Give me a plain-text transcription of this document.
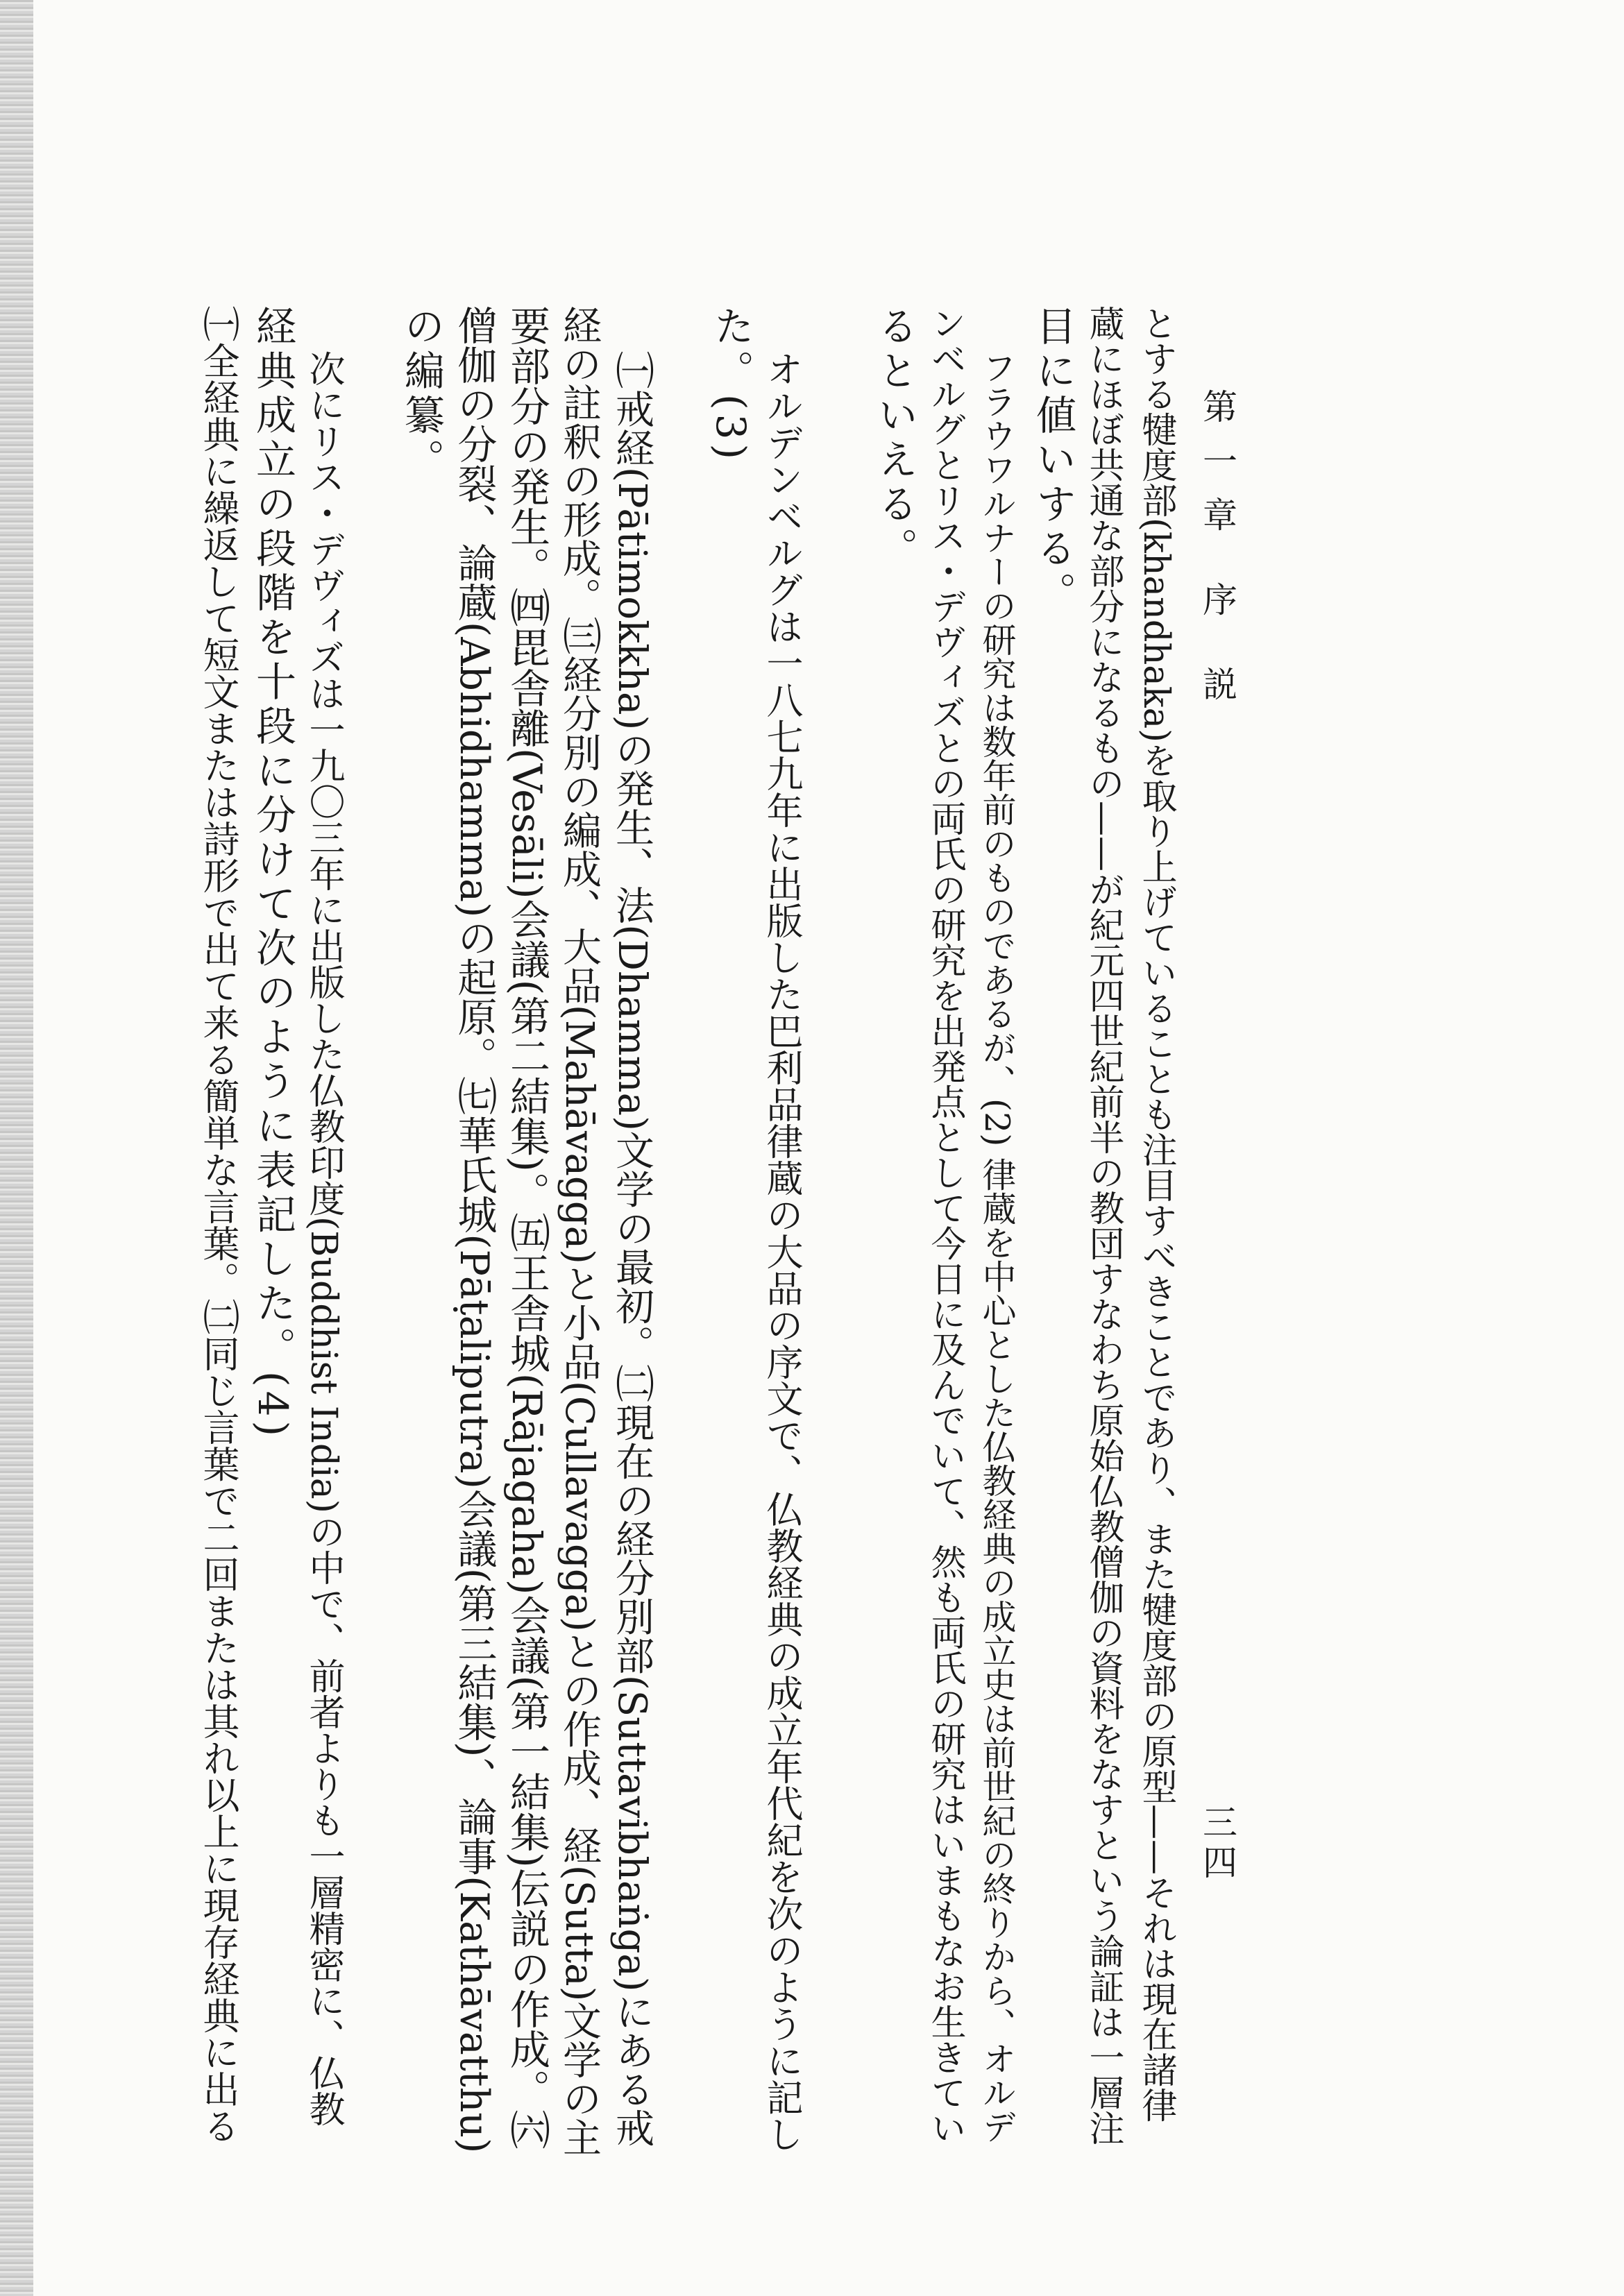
第一章 序 説
三四
とする犍度部(khandhaka)を取り上げていることも注目すべきことであり、また犍度部の原型——それは現在諸律
蔵にほぼ共通な部分になるもの——が紀元四世紀前半の教団すなわち原始仏教僧伽の資料をなすという論証は一層注
目に値いする。
フラウワルナーの研究は数年前のものであるが、(2) 律蔵を中心とした仏教経典の成立史は前世紀の終りから、オルデ
ンベルグとリス・デヴィズとの両氏の研究を出発点として今日に及んでいて、然も両氏の研究はいまもなお生きてい
るといえる。
オルデンベルグは一八七九年に出版した巴利品律蔵の大品の序文で、仏教経典の成立年代紀を次のように記し
た。(3)
㈠戒経(Pātimokkha)の発生、法(Dhamma)文学の最初。㈡現在の経分別部(Suttavibhaṅga)にある戒
経の註釈の形成。㈢経分別の編成、大品(Mahāvagga)と小品(Cullavagga)との作成、経(Sutta)文学の主
要部分の発生。㈣毘舎離(Vesāli)会議(第二結集)。㈤王舎城(Rājagaha)会議(第一結集)伝説の作成。㈥
僧伽の分裂、論蔵(Abhidhamma)の起原。㈦華氏城(Pāṭaliputra)会議(第三結集)、論事(Kathāvatthu)
の編纂。
次にリス・デヴィズは一九〇三年に出版した仏教印度(Buddhist India)の中で、前者よりも一層精密に、仏教
経典成立の段階を十段に分けて次のように表記した。(4)
㈠全経典に繰返して短文または詩形で出て来る簡単な言葉。㈡同じ言葉で二回または其れ以上に現存経典に出る
